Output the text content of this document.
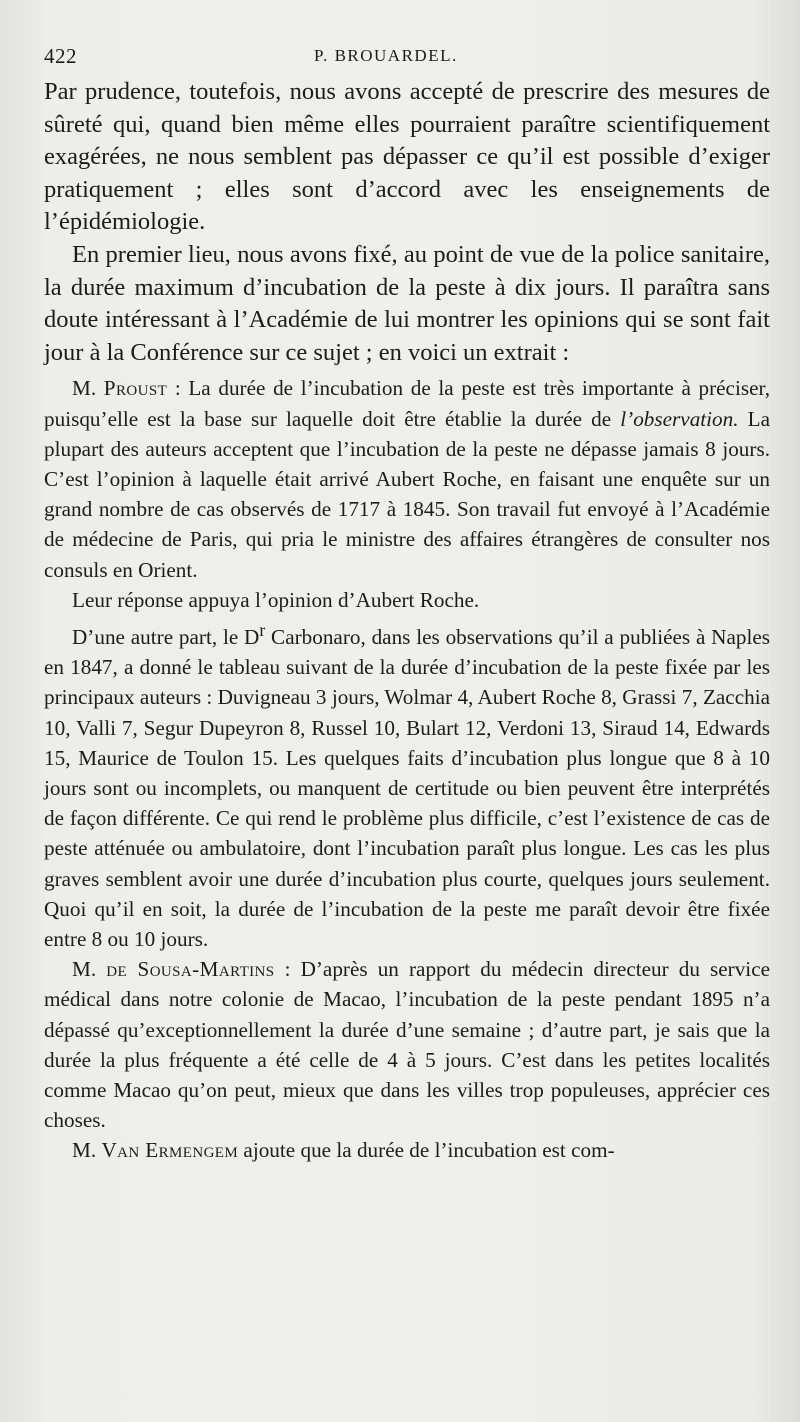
422	P. BROUARDEL.

Par prudence, toutefois, nous avons accepté de prescrire des mesures de sûreté qui, quand bien même elles pourraient paraître scientifiquement exagérées, ne nous semblent pas dépasser ce qu’il est possible d’exiger pratiquement ; elles sont d’accord avec les enseignements de l’épidémiologie.

En premier lieu, nous avons fixé, au point de vue de la police sanitaire, la durée maximum d’incubation de la peste à dix jours. Il paraîtra sans doute intéressant à l’Académie de lui montrer les opinions qui se sont fait jour à la Conférence sur ce sujet ; en voici un extrait :

M. Proust : La durée de l’incubation de la peste est très importante à préciser, puisqu’elle est la base sur laquelle doit être établie la durée de l’observation. La plupart des auteurs acceptent que l’incubation de la peste ne dépasse jamais 8 jours. C’est l’opinion à laquelle était arrivé Aubert Roche, en faisant une enquête sur un grand nombre de cas observés de 1717 à 1845. Son travail fut envoyé à l’Académie de médecine de Paris, qui pria le ministre des affaires étrangères de consulter nos consuls en Orient.

Leur réponse appuya l’opinion d’Aubert Roche.

D’une autre part, le $D^r$ Carbonaro, dans les observations qu’il a publiées à Naples en 1847, a donné le tableau suivant de la durée d’incubation de la peste fixée par les principaux auteurs : Duvigneau 3 jours, Wolmar 4, Aubert Roche 8, Grassi 7, Zacchia 10, Valli 7, Segur Dupeyron 8, Russel 10, Bulart 12, Verdoni 13, Siraud 14, Edwards 15, Maurice de Toulon 15. Les quelques faits d’incubation plus longue que 8 à 10 jours sont ou incomplets, ou manquent de certitude ou bien peuvent être interprétés de façon différente. Ce qui rend le problème plus difficile, c’est l’existence de cas de peste atténuée ou ambulatoire, dont l’incubation paraît plus longue. Les cas les plus graves semblent avoir une durée d’incubation plus courte, quelques jours seulement. Quoi qu’il en soit, la durée de l’incubation de la peste me paraît devoir être fixée entre 8 ou 10 jours.

M. de Sousa-Martins : D’après un rapport du médecin directeur du service médical dans notre colonie de Macao, l’incubation de la peste pendant 1895 n’a dépassé qu’exceptionnellement la durée d’une semaine ; d’autre part, je sais que la durée la plus fréquente a été celle de 4 à 5 jours. C’est dans les petites localités comme Macao qu’on peut, mieux que dans les villes trop populeuses, apprécier ces choses.

M. Van Ermengem ajoute que la durée de l’incubation est com-
